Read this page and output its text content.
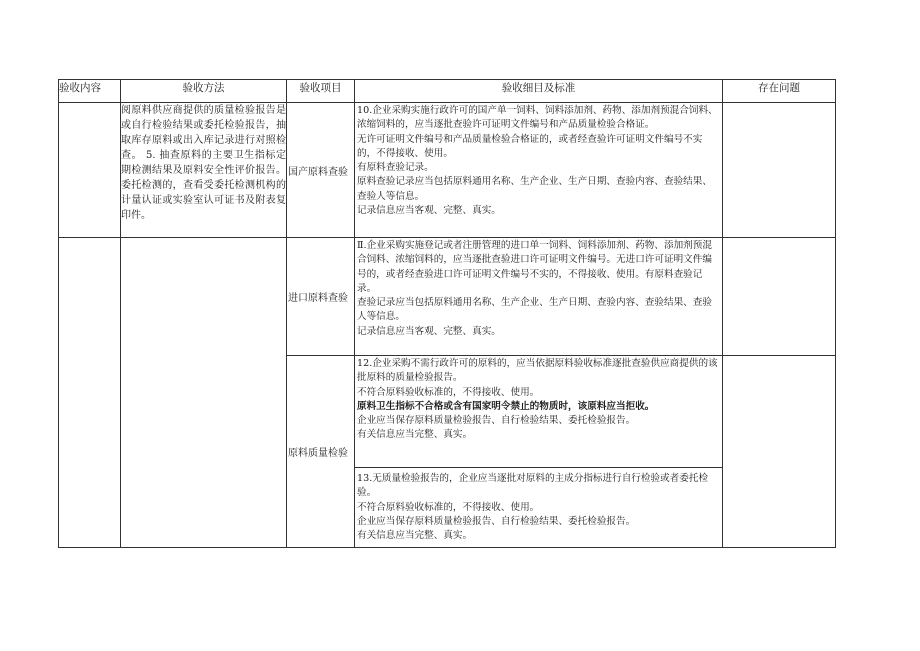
验收内容	验收方法	验收项目	验收细目及标准	存在问题
	阅原料供应商提供的质量检验报告是或自行检验结果或委托检验报告，抽取库存原料或出入库记录进行对照检查。 5. 抽查原料的主要卫生指标定期检测结果及原料安全性评价报告。委托检测的，查看受委托检测机构的计量认证或实验室认可证书及附表复印件。	国产原料查验	10.企业采购实施行政许可的国产单一饲料、饲料添加剂、药物、添加剂预混合饲料、浓缩饲料的，应当逐批查验许可证明文件编号和产品质量检验合格证。

无许可证明文件编号和产品质量检验合格证的，或者经查验许可证明文件编号不实的，不得接收、使用。

有原料查验记录。

原料查验记录应当包括原料通用名称、生产企业、生产日期、查验内容、查验结果、查验人等信息。

记录信息应当客观、完整、真实。	

		进口原料查验	Ⅱ.企业采购实施登记或者注册管理的进口单一饲料、饲料添加剂、药物、添加剂预混合饲料、浓缩饲料的，应当逐批查验进口许可证明文件编号。无进口许可证明文件编号的，或者经查验进口许可证明文件编号不实的，不得接收、使用。有原料查验记录。

查验记录应当包括原料通用名称、生产企业、生产日期、查验内容、查验结果、查验人等信息。

记录信息应当客观、完整、真实。	

		原料质量检验	12.企业采购不需行政许可的原料的，应当依据原料验收标准逐批查验供应商提供的该批原料的质量检验报告。

不符合原料验收标准的，不得接收、使用。

原料卫生指标不合格或含有国家明令禁止的物质时，该原料应当拒收。

企业应当保存原料质量检验报告、自行检验结果、委托检验报告。

有关信息应当完整、真实。	

			13.无质量检验报告的，企业应当逐批对原料的主成分指标进行自行检验或者委托检验。

不符合原料验收标准的，不得接收、使用。

企业应当保存原料质量检验报告、自行检验结果、委托检验报告。

有关信息应当完整、真实。	
